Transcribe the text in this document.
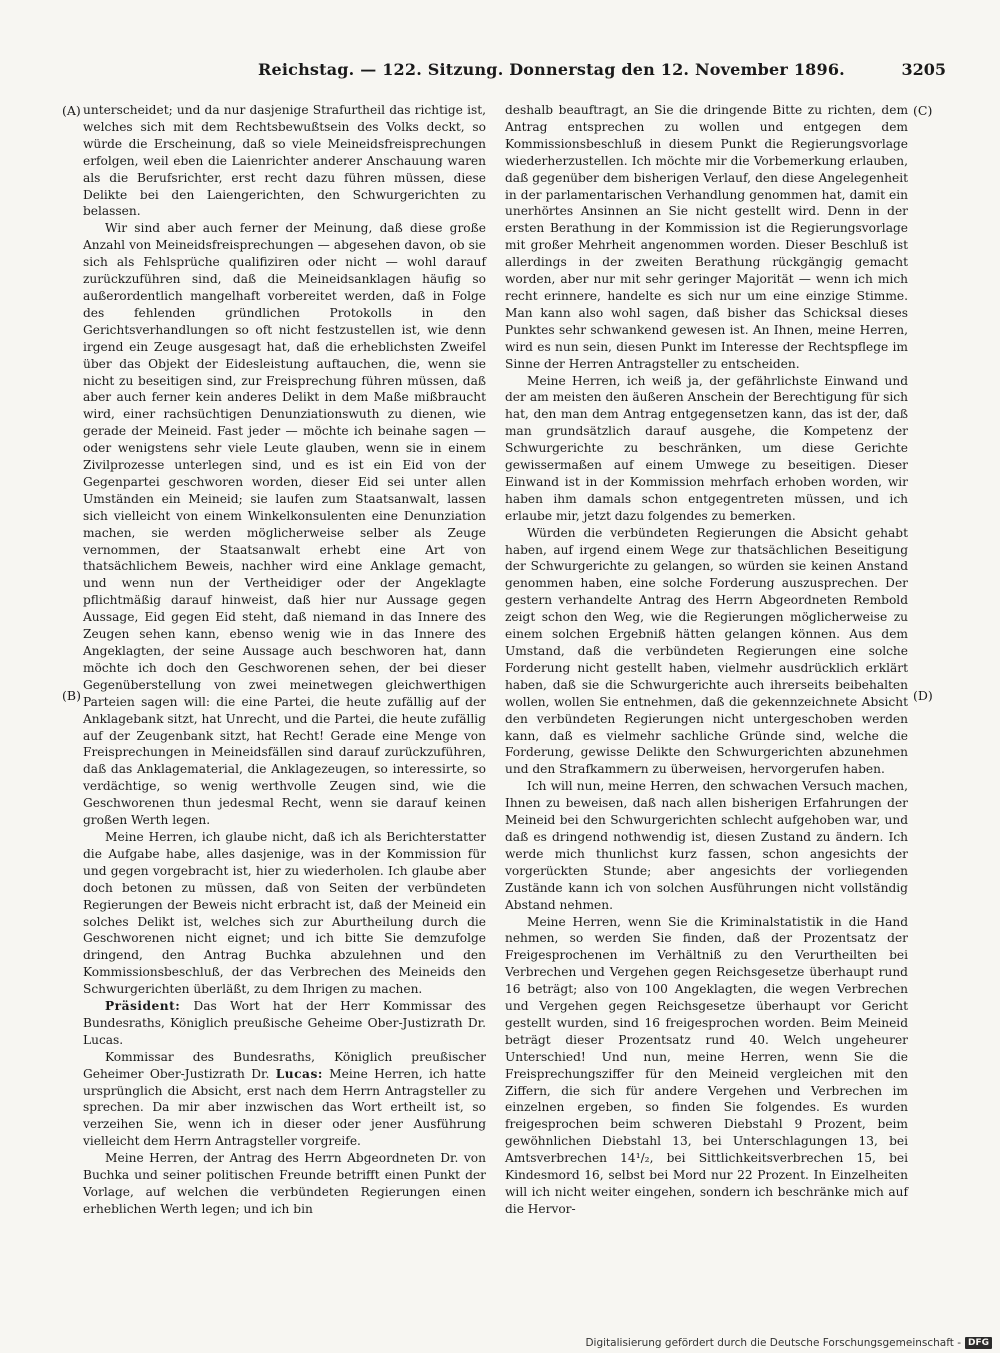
Reichstag. — 122. Sitzung. Donnerstag den 12. November 1896.	3205
(A)
(B)
(C)
(D)

unterscheidet; und da nur dasjenige Strafurtheil das richtige ist, welches sich mit dem Rechtsbewußtsein des Volks deckt, so würde die Erscheinung, daß so viele Meineidsfreisprechungen erfolgen, weil eben die Laienrichter anderer Anschauung waren als die Berufsrichter, erst recht dazu führen müssen, diese Delikte bei den Laiengerichten, den Schwurgerichten zu belassen.

Wir sind aber auch ferner der Meinung, daß diese große Anzahl von Meineidsfreisprechungen — abgesehen davon, ob sie sich als Fehlsprüche qualifiziren oder nicht — wohl darauf zurückzuführen sind, daß die Meineidsanklagen häufig so außerordentlich mangelhaft vorbereitet werden, daß in Folge des fehlenden gründlichen Protokolls in den Gerichtsverhandlungen so oft nicht festzustellen ist, wie denn irgend ein Zeuge ausgesagt hat, daß die erheblichsten Zweifel über das Objekt der Eidesleistung auftauchen, die, wenn sie nicht zu beseitigen sind, zur Freisprechung führen müssen, daß aber auch ferner kein anderes Delikt in dem Maße mißbraucht wird, einer rachsüchtigen Denunziationswuth zu dienen, wie gerade der Meineid. Fast jeder — möchte ich beinahe sagen — oder wenigstens sehr viele Leute glauben, wenn sie in einem Zivilprozesse unterlegen sind, und es ist ein Eid von der Gegenpartei geschworen worden, dieser Eid sei unter allen Umständen ein Meineid; sie laufen zum Staatsanwalt, lassen sich vielleicht von einem Winkelkonsulenten eine Denunziation machen, sie werden möglicherweise selber als Zeuge vernommen, der Staatsanwalt erhebt eine Art von thatsächlichem Beweis, nachher wird eine Anklage gemacht, und wenn nun der Vertheidiger oder der Angeklagte pflichtmäßig darauf hinweist, daß hier nur Aussage gegen Aussage, Eid gegen Eid steht, daß niemand in das Innere des Zeugen sehen kann, ebenso wenig wie in das Innere des Angeklagten, der seine Aussage auch beschworen hat, dann möchte ich doch den Geschworenen sehen, der bei dieser Gegenüberstellung von zwei meinetwegen gleichwerthigen Parteien sagen will: die eine Partei, die heute zufällig auf der Anklagebank sitzt, hat Unrecht, und die Partei, die heute zufällig auf der Zeugenbank sitzt, hat Recht! Gerade eine Menge von Freisprechungen in Meineidsfällen sind darauf zurückzuführen, daß das Anklagematerial, die Anklagezeugen, so interessirte, so verdächtige, so wenig werthvolle Zeugen sind, wie die Geschworenen thun jedesmal Recht, wenn sie darauf keinen großen Werth legen.

Meine Herren, ich glaube nicht, daß ich als Berichterstatter die Aufgabe habe, alles dasjenige, was in der Kommission für und gegen vorgebracht ist, hier zu wiederholen. Ich glaube aber doch betonen zu müssen, daß von Seiten der verbündeten Regierungen der Beweis nicht erbracht ist, daß der Meineid ein solches Delikt ist, welches sich zur Aburtheilung durch die Geschworenen nicht eignet; und ich bitte Sie demzufolge dringend, den Antrag Buchka abzulehnen und den Kommissionsbeschluß, der das Verbrechen des Meineids den Schwurgerichten überläßt, zu dem Ihrigen zu machen.

Präsident: Das Wort hat der Herr Kommissar des Bundesraths, Königlich preußische Geheime Ober-Justizrath Dr. Lucas.

Kommissar des Bundesraths, Königlich preußischer Geheimer Ober-Justizrath Dr. Lucas: Meine Herren, ich hatte ursprünglich die Absicht, erst nach dem Herrn Antragsteller zu sprechen. Da mir aber inzwischen das Wort ertheilt ist, so verzeihen Sie, wenn ich in dieser oder jener Ausführung vielleicht dem Herrn Antragsteller vorgreife.

Meine Herren, der Antrag des Herrn Abgeordneten Dr. von Buchka und seiner politischen Freunde betrifft einen Punkt der Vorlage, auf welchen die verbündeten Regierungen einen erheblichen Werth legen; und ich bin

deshalb beauftragt, an Sie die dringende Bitte zu richten, dem Antrag entsprechen zu wollen und entgegen dem Kommissionsbeschluß in diesem Punkt die Regierungsvorlage wiederherzustellen. Ich möchte mir die Vorbemerkung erlauben, daß gegenüber dem bisherigen Verlauf, den diese Angelegenheit in der parlamentarischen Verhandlung genommen hat, damit ein unerhörtes Ansinnen an Sie nicht gestellt wird. Denn in der ersten Berathung in der Kommission ist die Regierungsvorlage mit großer Mehrheit angenommen worden. Dieser Beschluß ist allerdings in der zweiten Berathung rückgängig gemacht worden, aber nur mit sehr geringer Majorität — wenn ich mich recht erinnere, handelte es sich nur um eine einzige Stimme. Man kann also wohl sagen, daß bisher das Schicksal dieses Punktes sehr schwankend gewesen ist. An Ihnen, meine Herren, wird es nun sein, diesen Punkt im Interesse der Rechtspflege im Sinne der Herren Antragsteller zu entscheiden.

Meine Herren, ich weiß ja, der gefährlichste Einwand und der am meisten den äußeren Anschein der Berechtigung für sich hat, den man dem Antrag entgegensetzen kann, das ist der, daß man grundsätzlich darauf ausgehe, die Kompetenz der Schwurgerichte zu beschränken, um diese Gerichte gewissermaßen auf einem Umwege zu beseitigen. Dieser Einwand ist in der Kommission mehrfach erhoben worden, wir haben ihm damals schon entgegentreten müssen, und ich erlaube mir, jetzt dazu folgendes zu bemerken.

Würden die verbündeten Regierungen die Absicht gehabt haben, auf irgend einem Wege zur thatsächlichen Beseitigung der Schwurgerichte zu gelangen, so würden sie keinen Anstand genommen haben, eine solche Forderung auszusprechen. Der gestern verhandelte Antrag des Herrn Abgeordneten Rembold zeigt schon den Weg, wie die Regierungen möglicherweise zu einem solchen Ergebniß hätten gelangen können. Aus dem Umstand, daß die verbündeten Regierungen eine solche Forderung nicht gestellt haben, vielmehr ausdrücklich erklärt haben, daß sie die Schwurgerichte auch ihrerseits beibehalten wollen, wollen Sie entnehmen, daß die gekennzeichnete Absicht den verbündeten Regierungen nicht untergeschoben werden kann, daß es vielmehr sachliche Gründe sind, welche die Forderung, gewisse Delikte den Schwurgerichten abzunehmen und den Strafkammern zu überweisen, hervorgerufen haben.

Ich will nun, meine Herren, den schwachen Versuch machen, Ihnen zu beweisen, daß nach allen bisherigen Erfahrungen der Meineid bei den Schwurgerichten schlecht aufgehoben war, und daß es dringend nothwendig ist, diesen Zustand zu ändern. Ich werde mich thunlichst kurz fassen, schon angesichts der vorgerückten Stunde; aber angesichts der vorliegenden Zustände kann ich von solchen Ausführungen nicht vollständig Abstand nehmen.

Meine Herren, wenn Sie die Kriminalstatistik in die Hand nehmen, so werden Sie finden, daß der Prozentsatz der Freigesprochenen im Verhältniß zu den Verurtheilten bei Verbrechen und Vergehen gegen Reichsgesetze überhaupt rund 16 beträgt; also von 100 Angeklagten, die wegen Verbrechen und Vergehen gegen Reichsgesetze überhaupt vor Gericht gestellt wurden, sind 16 freigesprochen worden. Beim Meineid beträgt dieser Prozentsatz rund 40. Welch ungeheurer Unterschied! Und nun, meine Herren, wenn Sie die Freisprechungsziffer für den Meineid vergleichen mit den Ziffern, die sich für andere Vergehen und Verbrechen im einzelnen ergeben, so finden Sie folgendes. Es wurden freigesprochen beim schweren Diebstahl 9 Prozent, beim gewöhnlichen Diebstahl 13, bei Unterschlagungen 13, bei Amtsverbrechen 14¹/₂, bei Sittlichkeitsverbrechen 15, bei Kindesmord 16, selbst bei Mord nur 22 Prozent. In Einzelheiten will ich nicht weiter eingehen, sondern ich beschränke mich auf die Hervor-

Digitalisierung gefördert durch die Deutsche Forschungsgemeinschaft - DFG
